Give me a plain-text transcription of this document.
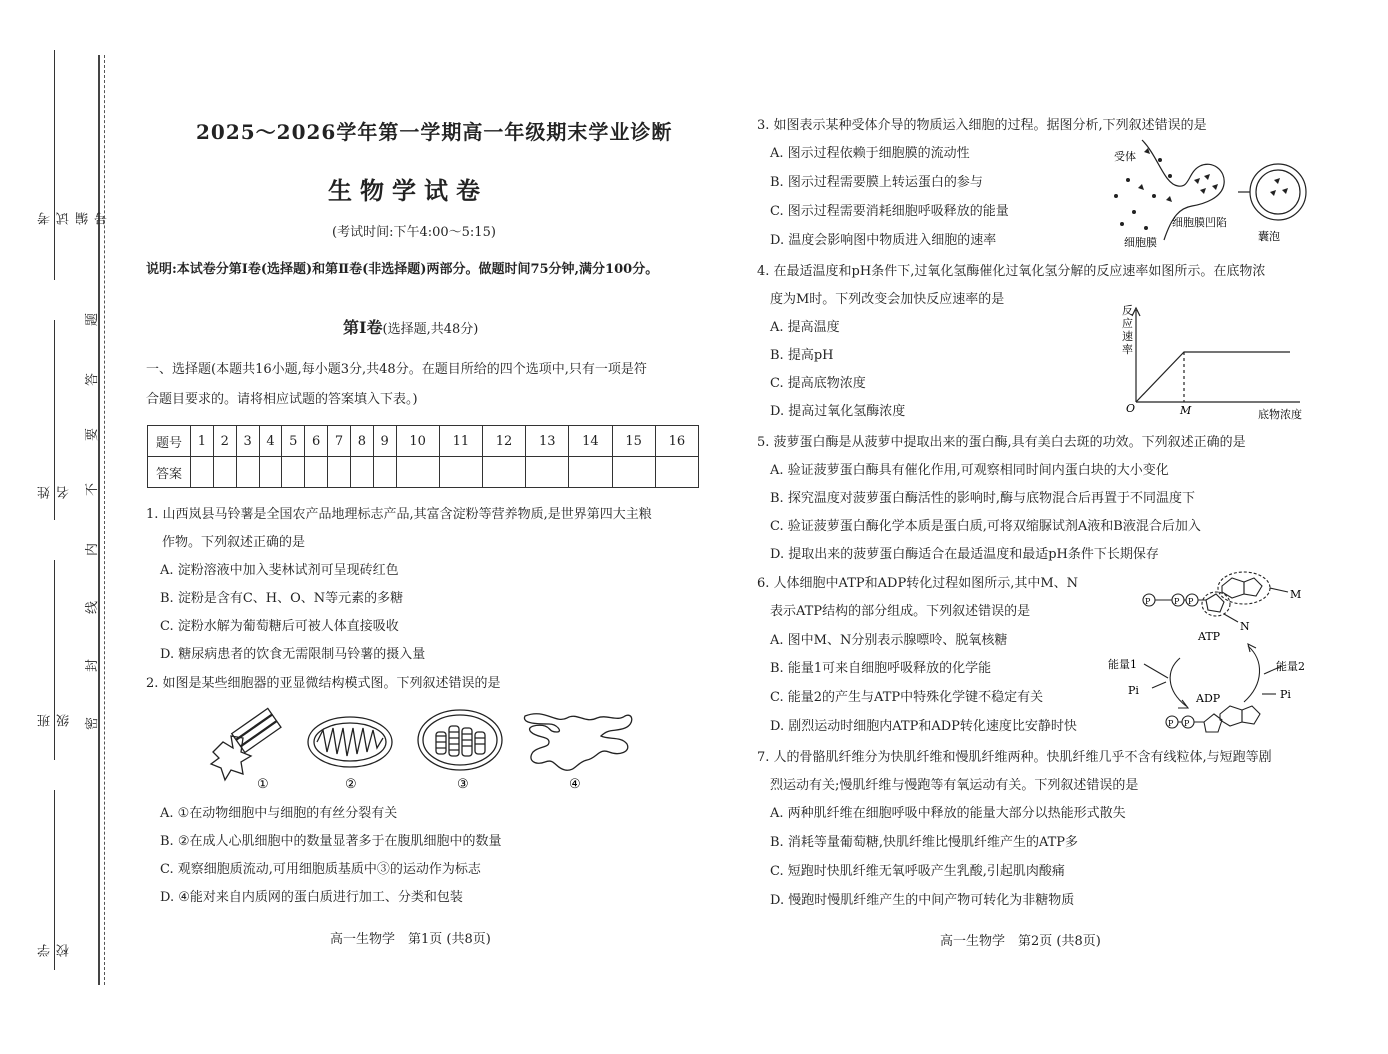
考试编号
姓名
班级
学校
题
答
要
不
内
线
封
密
2025～2026学年第一学期高一年级期末学业诊断
生物学试卷
(考试时间:下午4:00～5:15)
说明:本试卷分第Ⅰ卷(选择题)和第Ⅱ卷(非选择题)两部分。做题时间75分钟,满分100分。
第Ⅰ卷(选择题,共48分)
一、选择题(本题共16小题,每小题3分,共48分。在题目所给的四个选项中,只有一项是符
合题目要求的。请将相应试题的答案填入下表。)
题号	1	2	3	4	5	6	7	8	9	10	11	12	13	14	15	16
答案																
1. 山西岚县马铃薯是全国农产品地理标志产品,其富含淀粉等营养物质,是世界第四大主粮
作物。下列叙述正确的是
A. 淀粉溶液中加入斐林试剂可呈现砖红色
B. 淀粉是含有C、H、O、N等元素的多糖
C. 淀粉水解为葡萄糖后可被人体直接吸收
D. 糖尿病患者的饮食无需限制马铃薯的摄入量
2. 如图是某些细胞器的亚显微结构模式图。下列叙述错误的是
①	②	③	④
A. ①在动物细胞中与细胞的有丝分裂有关
B. ②在成人心肌细胞中的数量显著多于在腹肌细胞中的数量
C. 观察细胞质流动,可用细胞质基质中③的运动作为标志
D. ④能对来自内质网的蛋白质进行加工、分类和包装
高一生物学　第1页 (共8页)
3. 如图表示某种受体介导的物质运入细胞的过程。据图分析,下列叙述错误的是
A. 图示过程依赖于细胞膜的流动性
B. 图示过程需要膜上转运蛋白的参与
C. 图示过程需要消耗细胞呼吸释放的能量
D. 温度会影响图中物质进入细胞的速率
受体
细胞膜凹陷
细胞膜	囊泡
4. 在最适温度和pH条件下,过氧化氢酶催化过氧化氢分解的反应速率如图所示。在底物浓
度为M时。下列改变会加快反应速率的是
A. 提高温度
B. 提高pH
C. 提高底物浓度
D. 提高过氧化氢酶浓度
反
应
速
率
O	M	底物浓度
5. 菠萝蛋白酶是从菠萝中提取出来的蛋白酶,具有美白去斑的功效。下列叙述正确的是
A. 验证菠萝蛋白酶具有催化作用,可观察相同时间内蛋白块的大小变化
B. 探究温度对菠萝蛋白酶活性的影响时,酶与底物混合后再置于不同温度下
C. 验证菠萝蛋白酶化学本质是蛋白质,可将双缩脲试剂A液和B液混合后加入
D. 提取出来的菠萝蛋白酶适合在最适温度和最适pH条件下长期保存
6. 人体细胞中ATP和ADP转化过程如图所示,其中M、N
表示ATP结构的部分组成。下列叙述错误的是
A. 图中M、N分别表示腺嘌呤、脱氧核糖
B. 能量1可来自细胞呼吸释放的化学能
C. 能量2的产生与ATP中特殊化学键不稳定有关
D. 剧烈运动时细胞内ATP和ADP转化速度比安静时快
P	P P
P P
M
N
ATP
ADP
能量1	能量2
Pi	Pi
7. 人的骨骼肌纤维分为快肌纤维和慢肌纤维两种。快肌纤维几乎不含有线粒体,与短跑等剧
烈运动有关;慢肌纤维与慢跑等有氧运动有关。下列叙述错误的是
A. 两种肌纤维在细胞呼吸中释放的能量大部分以热能形式散失
B. 消耗等量葡萄糖,快肌纤维比慢肌纤维产生的ATP多
C. 短跑时快肌纤维无氧呼吸产生乳酸,引起肌肉酸痛
D. 慢跑时慢肌纤维产生的中间产物可转化为非糖物质
高一生物学　第2页 (共8页)
